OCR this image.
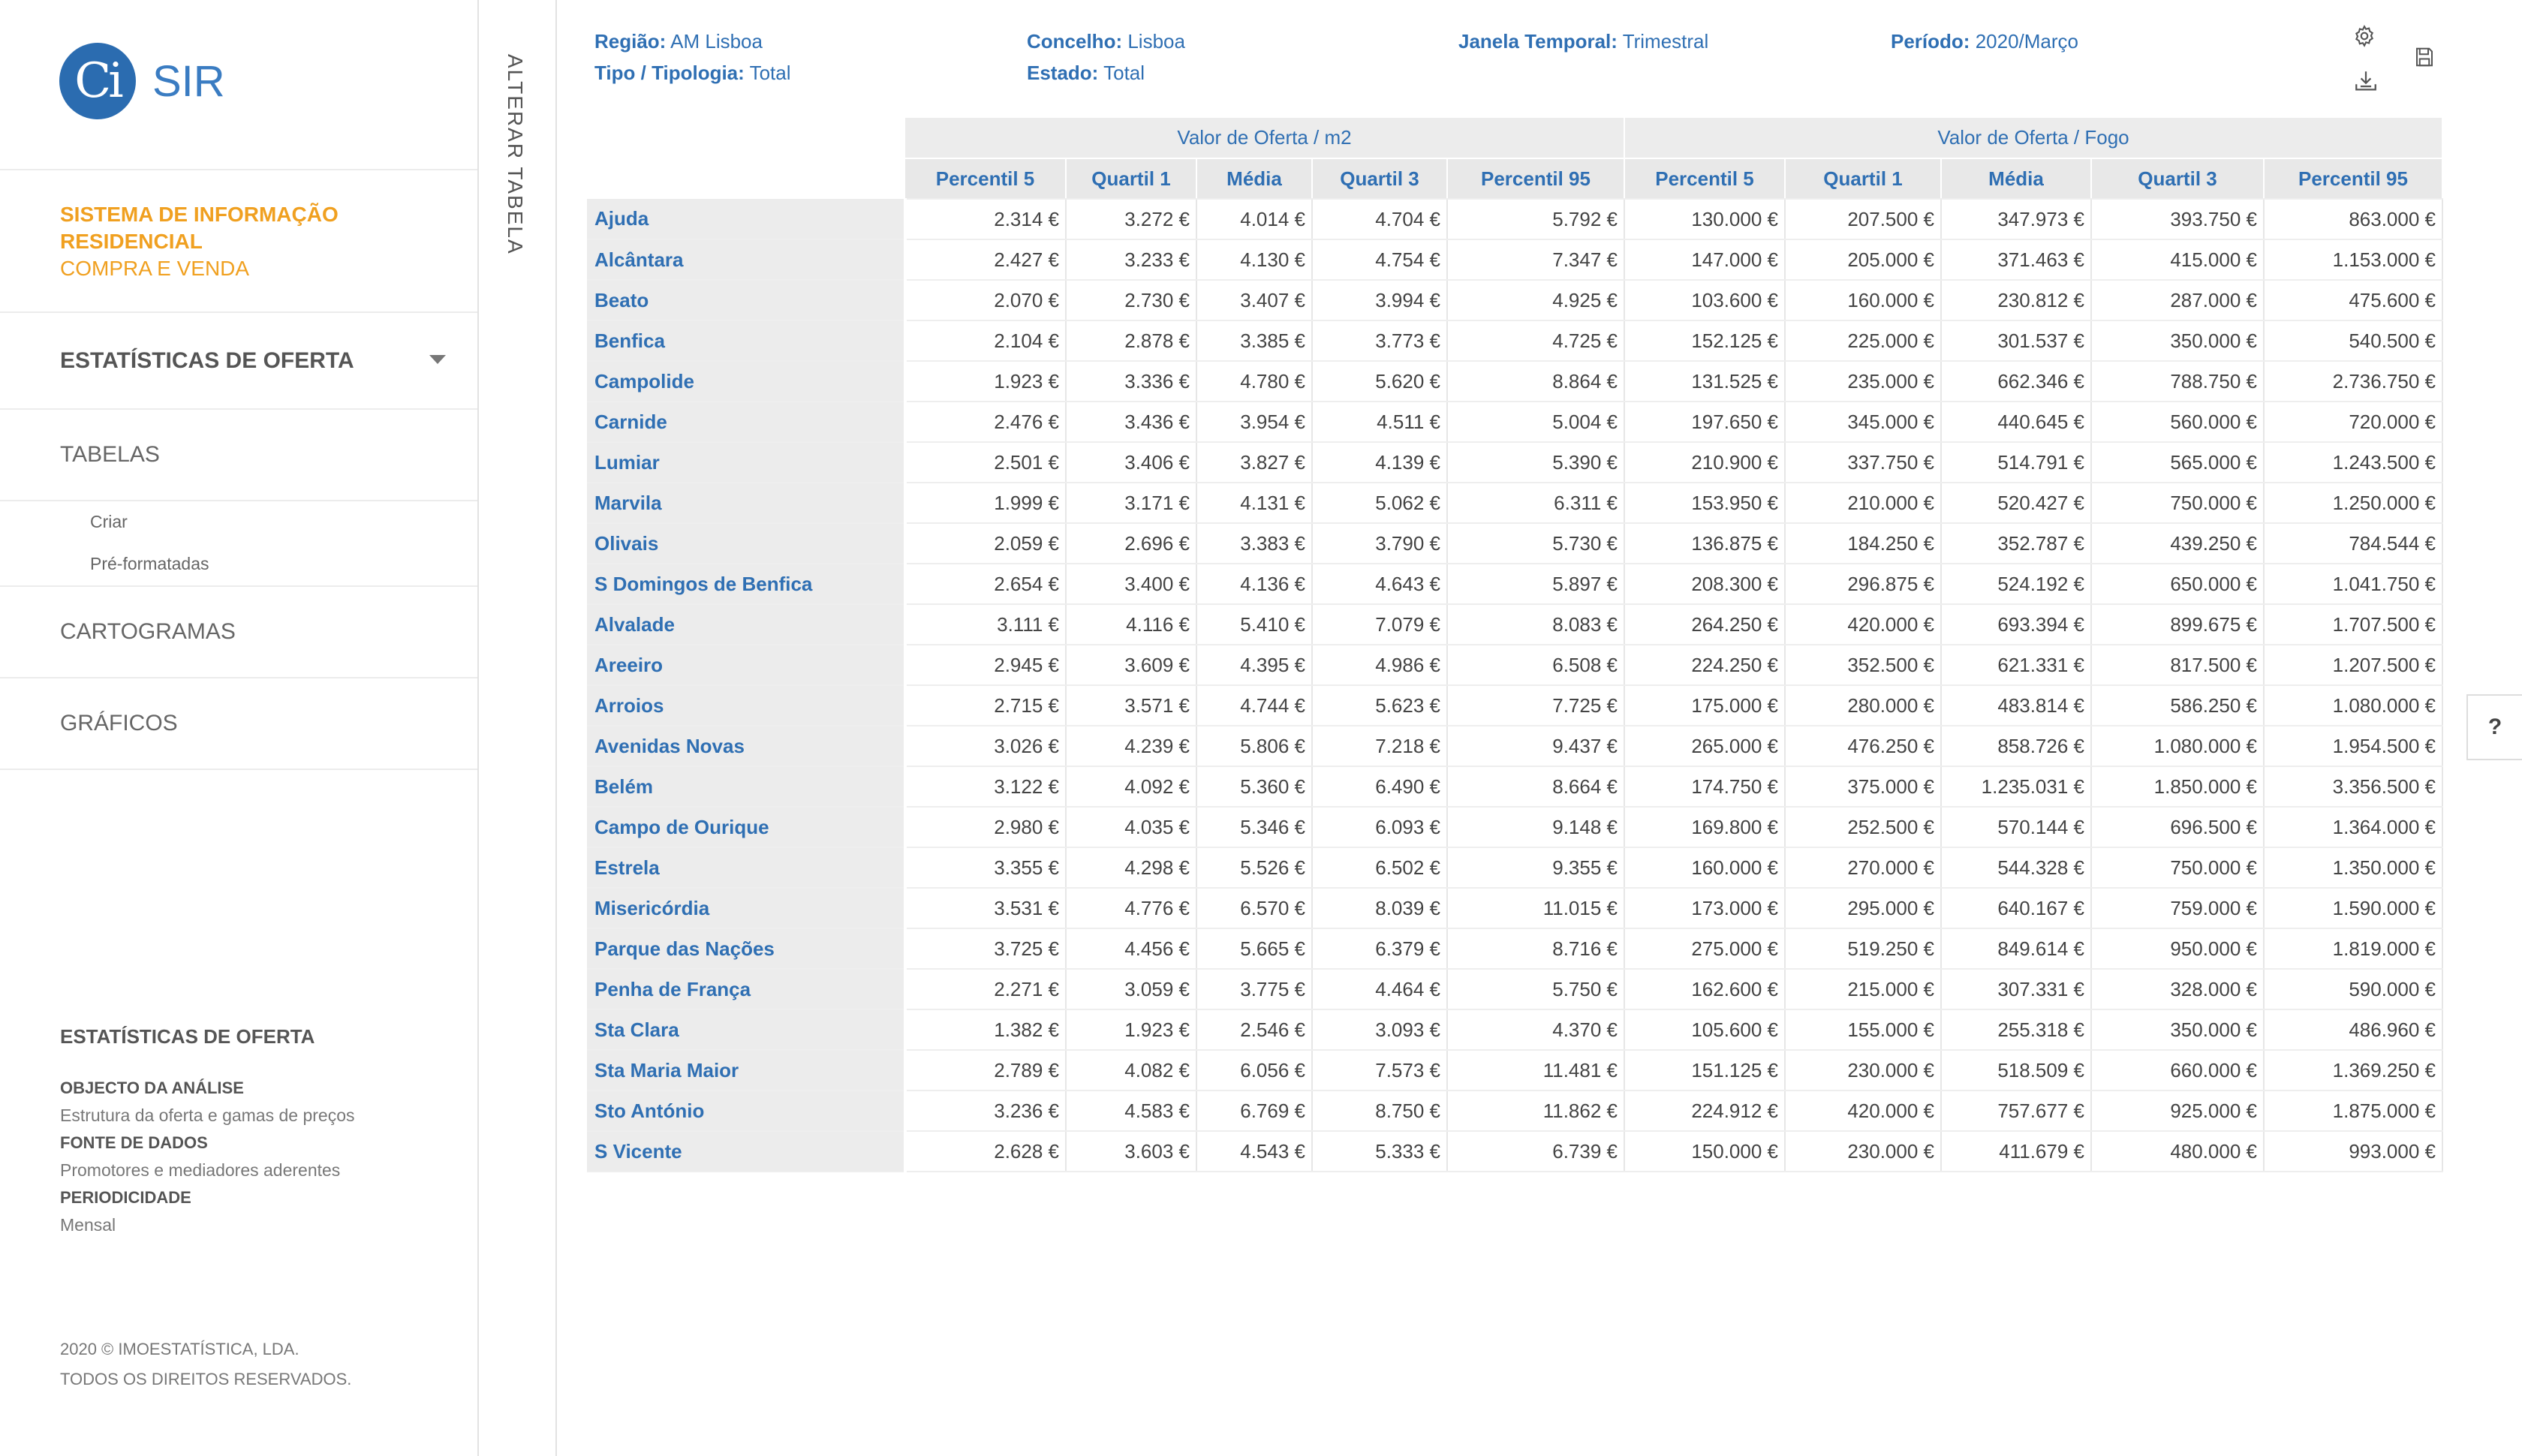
Ci SIR
SISTEMA DE INFORMAÇÃO
RESIDENCIAL
COMPRA E VENDA
ESTATÍSTICAS DE OFERTA
TABELAS
Criar
Pré-formatadas
CARTOGRAMAS
GRÁFICOS
ESTATÍSTICAS DE OFERTA
OBJECTO DA ANÁLISE
Estrutura da oferta e gamas de preços
FONTE DE DADOS
Promotores e mediadores aderentes
PERIODICIDADE
Mensal
2020 © IMOESTATÍSTICA, LDA.
TODOS OS DIREITOS RESERVADOS.
ALTERAR TABELA
Região: AM Lisboa	Concelho: Lisboa	Janela Temporal: Trimestral	Período: 2020/Março
Tipo / Tipologia: Total	Estado: Total
	Valor de Oferta / m2					Valor de Oferta / Fogo				
	Percentil 5	Quartil 1	Média	Quartil 3	Percentil 95	Percentil 5	Quartil 1	Média	Quartil 3	Percentil 95
Ajuda	2.314 €	3.272 €	4.014 €	4.704 €	5.792 €	130.000 €	207.500 €	347.973 €	393.750 €	863.000 €
Alcântara	2.427 €	3.233 €	4.130 €	4.754 €	7.347 €	147.000 €	205.000 €	371.463 €	415.000 €	1.153.000 €
Beato	2.070 €	2.730 €	3.407 €	3.994 €	4.925 €	103.600 €	160.000 €	230.812 €	287.000 €	475.600 €
Benfica	2.104 €	2.878 €	3.385 €	3.773 €	4.725 €	152.125 €	225.000 €	301.537 €	350.000 €	540.500 €
Campolide	1.923 €	3.336 €	4.780 €	5.620 €	8.864 €	131.525 €	235.000 €	662.346 €	788.750 €	2.736.750 €
Carnide	2.476 €	3.436 €	3.954 €	4.511 €	5.004 €	197.650 €	345.000 €	440.645 €	560.000 €	720.000 €
Lumiar	2.501 €	3.406 €	3.827 €	4.139 €	5.390 €	210.900 €	337.750 €	514.791 €	565.000 €	1.243.500 €
Marvila	1.999 €	3.171 €	4.131 €	5.062 €	6.311 €	153.950 €	210.000 €	520.427 €	750.000 €	1.250.000 €
Olivais	2.059 €	2.696 €	3.383 €	3.790 €	5.730 €	136.875 €	184.250 €	352.787 €	439.250 €	784.544 €
S Domingos de Benfica	2.654 €	3.400 €	4.136 €	4.643 €	5.897 €	208.300 €	296.875 €	524.192 €	650.000 €	1.041.750 €
Alvalade	3.111 €	4.116 €	5.410 €	7.079 €	8.083 €	264.250 €	420.000 €	693.394 €	899.675 €	1.707.500 €
Areeiro	2.945 €	3.609 €	4.395 €	4.986 €	6.508 €	224.250 €	352.500 €	621.331 €	817.500 €	1.207.500 €
Arroios	2.715 €	3.571 €	4.744 €	5.623 €	7.725 €	175.000 €	280.000 €	483.814 €	586.250 €	1.080.000 €
Avenidas Novas	3.026 €	4.239 €	5.806 €	7.218 €	9.437 €	265.000 €	476.250 €	858.726 €	1.080.000 €	1.954.500 €
Belém	3.122 €	4.092 €	5.360 €	6.490 €	8.664 €	174.750 €	375.000 €	1.235.031 €	1.850.000 €	3.356.500 €
Campo de Ourique	2.980 €	4.035 €	5.346 €	6.093 €	9.148 €	169.800 €	252.500 €	570.144 €	696.500 €	1.364.000 €
Estrela	3.355 €	4.298 €	5.526 €	6.502 €	9.355 €	160.000 €	270.000 €	544.328 €	750.000 €	1.350.000 €
Misericórdia	3.531 €	4.776 €	6.570 €	8.039 €	11.015 €	173.000 €	295.000 €	640.167 €	759.000 €	1.590.000 €
Parque das Nações	3.725 €	4.456 €	5.665 €	6.379 €	8.716 €	275.000 €	519.250 €	849.614 €	950.000 €	1.819.000 €
Penha de França	2.271 €	3.059 €	3.775 €	4.464 €	5.750 €	162.600 €	215.000 €	307.331 €	328.000 €	590.000 €
Sta Clara	1.382 €	1.923 €	2.546 €	3.093 €	4.370 €	105.600 €	155.000 €	255.318 €	350.000 €	486.960 €
Sta Maria Maior	2.789 €	4.082 €	6.056 €	7.573 €	11.481 €	151.125 €	230.000 €	518.509 €	660.000 €	1.369.250 €
Sto António	3.236 €	4.583 €	6.769 €	8.750 €	11.862 €	224.912 €	420.000 €	757.677 €	925.000 €	1.875.000 €
S Vicente	2.628 €	3.603 €	4.543 €	5.333 €	6.739 €	150.000 €	230.000 €	411.679 €	480.000 €	993.000 €
?
